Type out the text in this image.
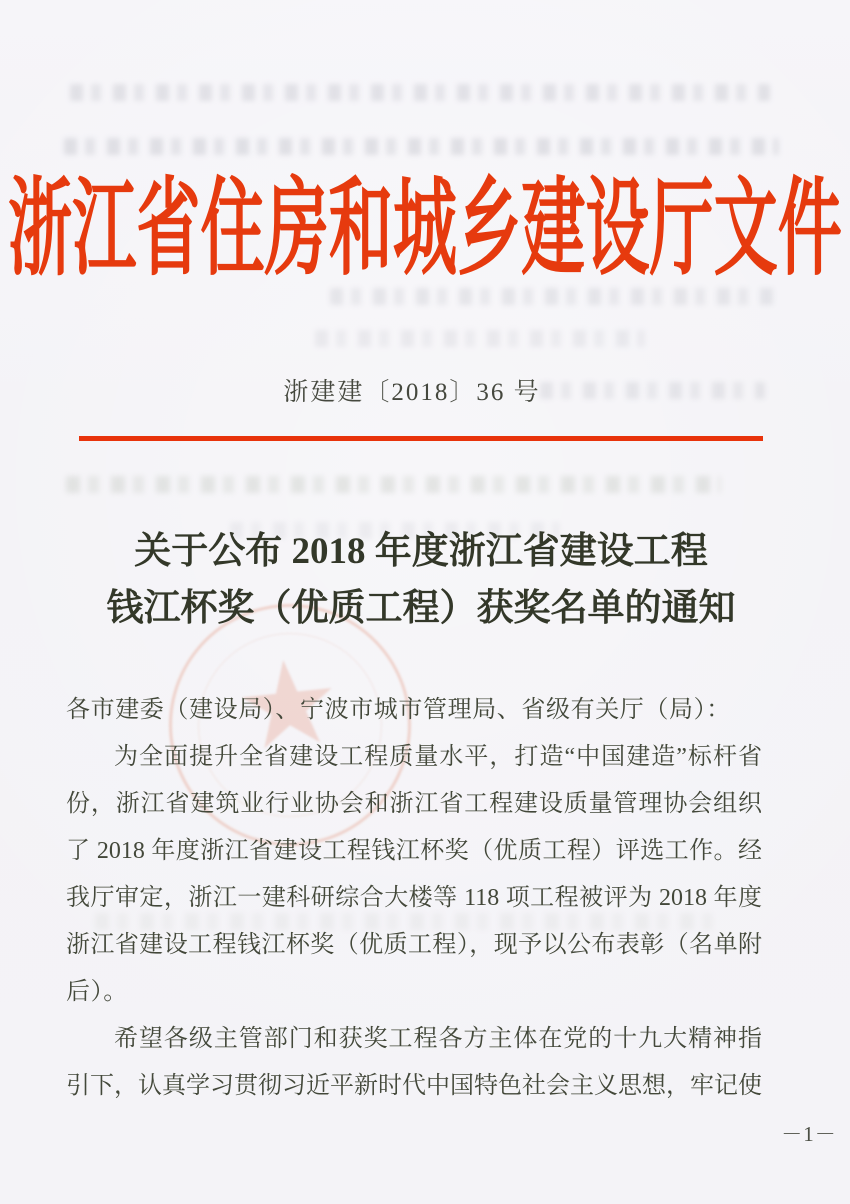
★
浙江省住房和城乡建设厅文件
浙建建〔2018〕36 号
关于公布 2018 年度浙江省建设工程
钱江杯奖（优质工程）获奖名单的通知
各市建委（建设局）、宁波市城市管理局、省级有关厅（局）：
为全面提升全省建设工程质量水平，打造“中国建造”标杆省
份，浙江省建筑业行业协会和浙江省工程建设质量管理协会组织
了 2018 年度浙江省建设工程钱江杯奖（优质工程）评选工作。经
我厅审定，浙江一建科研综合大楼等 118 项工程被评为 2018 年度
浙江省建设工程钱江杯奖（优质工程），现予以公布表彰（名单附
后）。
希望各级主管部门和获奖工程各方主体在党的十九大精神指
引下，认真学习贯彻习近平新时代中国特色社会主义思想，牢记使
－1－
